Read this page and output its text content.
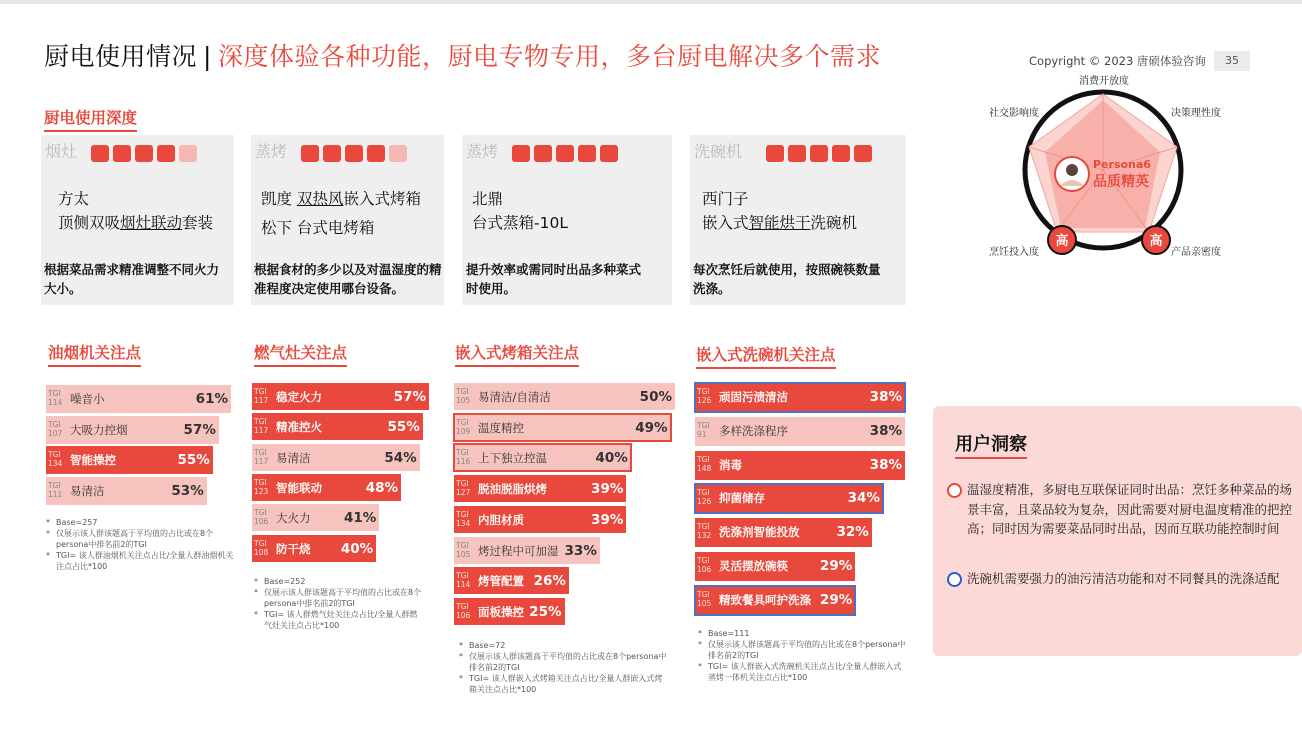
厨电使用情况 | 深度体验各种功能，厨电专物专用，多台厨电解决多个需求	Copyright © 2023 唐硕体验咨询	35
厨电使用深度
烟灶
方太
顶侧双吸烟灶联动套装
根据菜品需求精准调整不同火力大小。
蒸烤
凯度 双热风嵌入式烤箱
松下 台式电烤箱
根据食材的多少以及对温湿度的精准程度决定使用哪台设备。
蒸烤
北鼎
台式蒸箱-10L
提升效率或需同时出品多种菜式时使用。
洗碗机
西门子
嵌入式智能烘干洗碗机
每次烹饪后就使用，按照碗筷数量洗涤。
Persona6
品质精英
高	高
消费开放度
决策理性度
产品亲密度
烹饪投入度
社交影响度
油烟机关注点
TGI
114 噪音小	61%
TGI
107 大吸力控烟	57%
TGI
134 智能操控	55%
TGI
111 易清洁	53%
* Base=257
* 仅展示该人群该题高于平均值的占比或在8个persona中排名前2的TGI
* TGI= 该人群油烟机关注点占比/全量人群油烟机关注点占比*100
燃气灶关注点
TGI
117 稳定火力	57%
TGI
117 精准控火	55%
TGI
117 易清洁	54%
TGI
123 智能联动	48%
TGI
106 大火力 41%
TGI
108 防干烧 40%
* Base=252
* 仅展示该人群该题高于平均值的占比或在8个persona中排名前2的TGI
* TGI= 该人群燃气灶关注点占比/全量人群燃气灶关注点占比*100
嵌入式烤箱关注点
TGI
105 易清洁/自清洁	50%
TGI
109 温度精控	49%
TGI
116 上下独立控温	40%
TGI
127 脱油脱脂烘烤	39%
TGI
134 内胆材质	39%
TGI
105 烤过程中可加湿 33%
TGI
114 烤管配置 26%
TGI
106 面板操控 25%
* Base=72
* 仅展示该人群该题高于平均值的占比或在8个persona中排名前2的TGI
* TGI= 该人群嵌入式烤箱关注点占比/全量人群嵌入式烤箱关注点占比*100
嵌入式洗碗机关注点
TGI
126 顽固污渍清洁	38%
TGI
91 多样洗涤程序	38%
TGI
148 消毒	38%
TGI
126 抑菌储存	34%
TGI
132 洗涤剂智能投放	32%
TGI
106 灵活摆放碗筷 29%
TGI
105 精致餐具呵护洗涤 29%
* Base=111
* 仅展示该人群该题高于平均值的占比或在8个persona中排名前2的TGI
* TGI= 该人群嵌入式洗碗机关注点占比/全量人群嵌入式蒸烤一体机关注点占比*100
用户洞察
温湿度精准，多厨电互联保证同时出品：烹饪多种菜品的场景丰富，且菜品较为复杂，因此需要对厨电温度精准的把控高；同时因为需要菜品同时出品，因而互联功能控制时间
洗碗机需要强力的油污清洁功能和对不同餐具的洗涤适配
